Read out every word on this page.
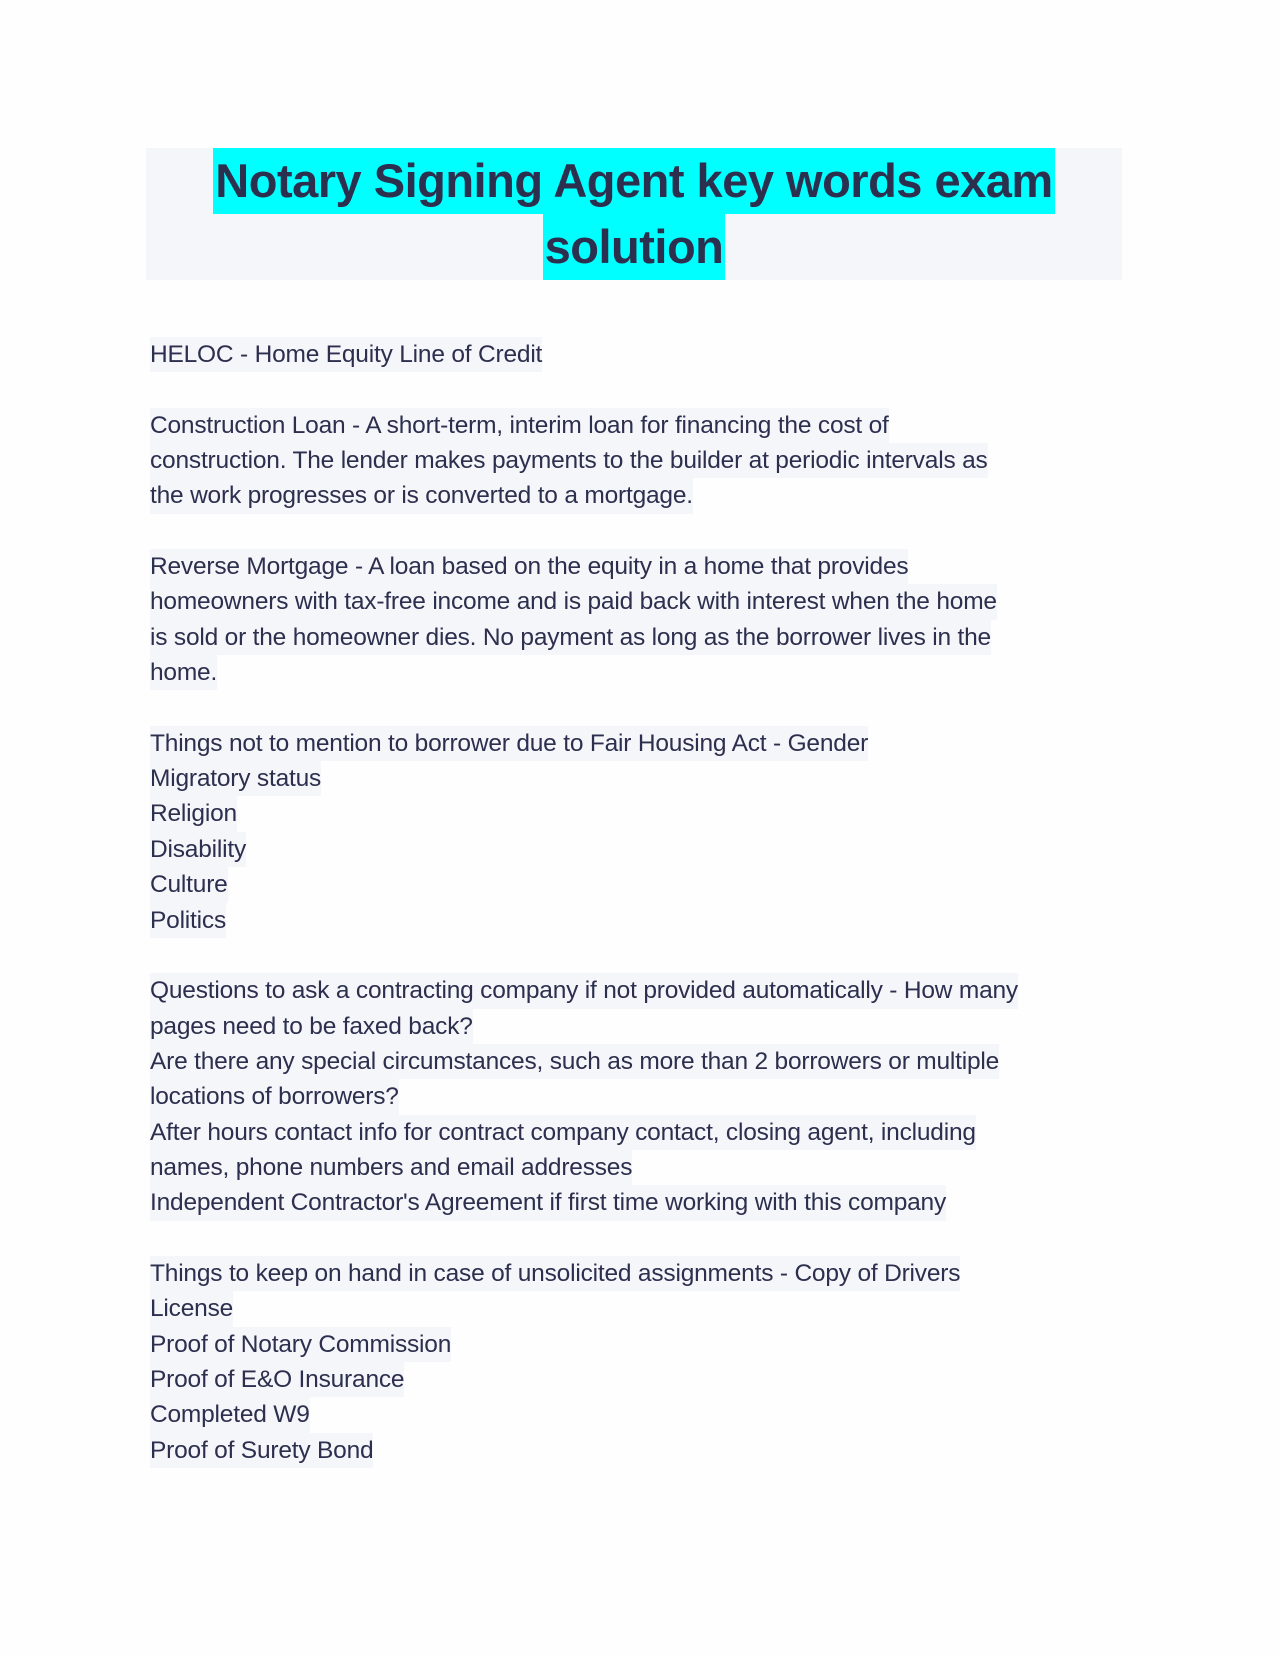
Notary Signing Agent key words exam
solution
HELOC - Home Equity Line of Credit
Construction Loan - A short-term, interim loan for financing the cost of
construction. The lender makes payments to the builder at periodic intervals as
the work progresses or is converted to a mortgage.
Reverse Mortgage - A loan based on the equity in a home that provides
homeowners with tax-free income and is paid back with interest when the home
is sold or the homeowner dies. No payment as long as the borrower lives in the
home.
Things not to mention to borrower due to Fair Housing Act - Gender
Migratory status
Religion
Disability
Culture
Politics
Questions to ask a contracting company if not provided automatically - How many
pages need to be faxed back?
Are there any special circumstances, such as more than 2 borrowers or multiple
locations of borrowers?
After hours contact info for contract company contact, closing agent, including
names, phone numbers and email addresses
Independent Contractor's Agreement if first time working with this company
Things to keep on hand in case of unsolicited assignments - Copy of Drivers
License
Proof of Notary Commission
Proof of E&O Insurance
Completed W9
Proof of Surety Bond
